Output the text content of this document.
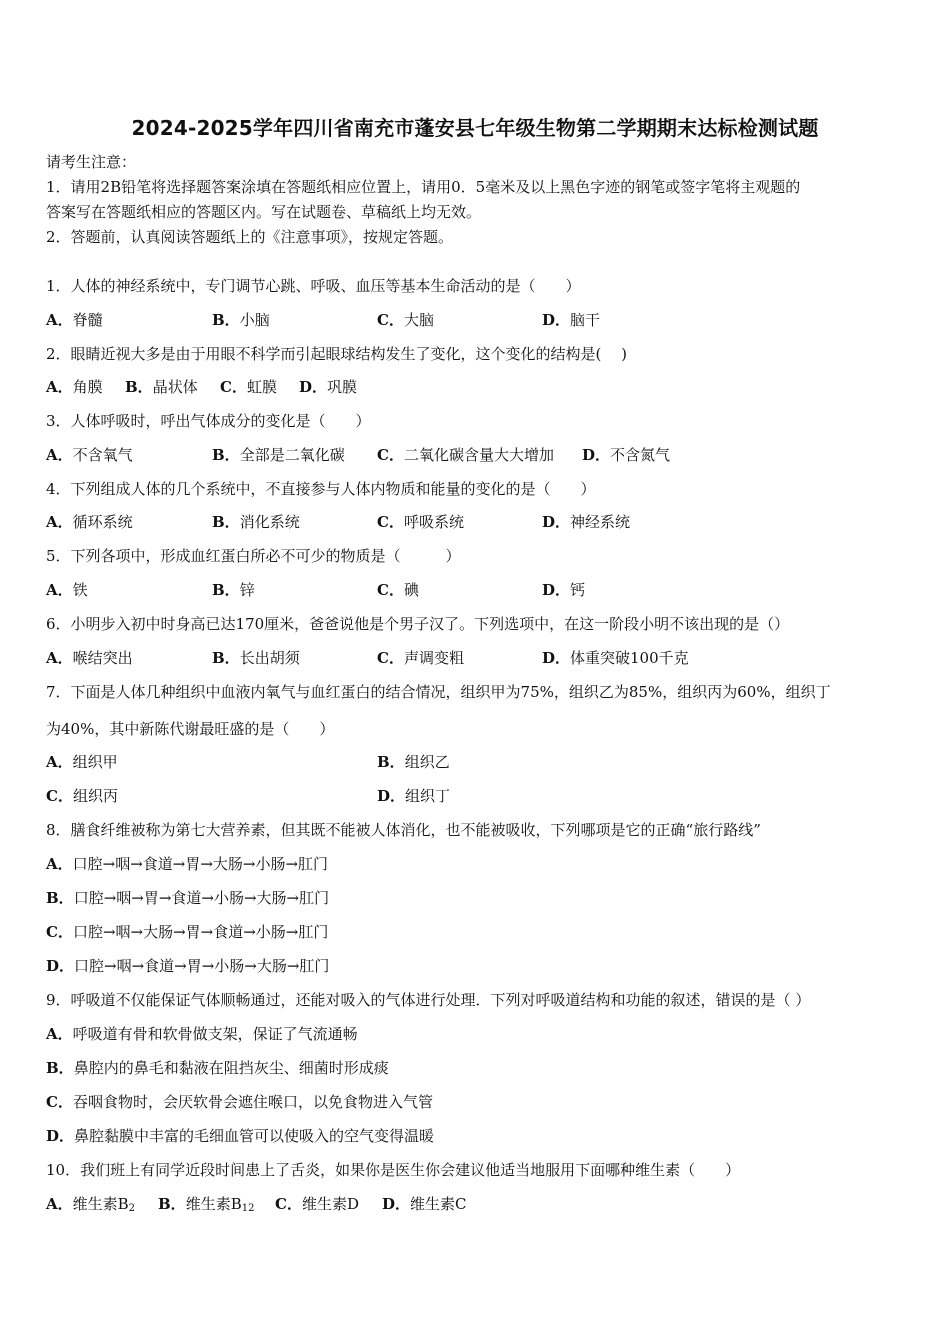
2024-2025学年四川省南充市蓬安县七年级生物第二学期期末达标检测试题
请考生注意：
1．请用2B铅笔将选择题答案涂填在答题纸相应位置上，请用0．5毫米及以上黑色字迹的钢笔或签字笔将主观题的
答案写在答题纸相应的答题区内。写在试题卷、草稿纸上均无效。
2．答题前，认真阅读答题纸上的《注意事项》，按规定答题。
1．人体的神经系统中，专门调节心跳、呼吸、血压等基本生命活动的是（　　）
A．脊髓	B．小脑	C．大脑	D．脑干
2．眼睛近视大多是由于用眼不科学而引起眼球结构发生了变化，这个变化的结构是(　 )
A．角膜 B．晶状体 C．虹膜 D．巩膜
3．人体呼吸时，呼出气体成分的变化是（　　）
A．不含氧气	B．全部是二氧化碳 C．二氧化碳含量大大增加 D．不含氮气
4．下列组成人体的几个系统中，不直接参与人体内物质和能量的变化的是（　　）
A．循环系统	B．消化系统	C．呼吸系统	D．神经系统
5．下列各项中，形成血红蛋白所必不可少的物质是（　　　）
A．铁	B．锌	C．碘	D．钙
6．小明步入初中时身高已达170厘米，爸爸说他是个男子汉了。下列选项中，在这一阶段小明不该出现的是（）
A．喉结突出	B．长出胡须	C．声调变粗	D．体重突破100千克
7．下面是人体几种组织中血液内氧气与血红蛋白的结合情况，组织甲为75%，组织乙为85%，组织丙为60%，组织丁
为40%，其中新陈代谢最旺盛的是（　　）
A．组织甲	B．组织乙
C．组织丙	D．组织丁
8．膳食纤维被称为第七大营养素，但其既不能被人体消化，也不能被吸收，下列哪项是它的正确“旅行路线”
A．口腔→咽→食道→胃→大肠→小肠→肛门
B．口腔→咽→胃→食道→小肠→大肠→肛门
C．口腔→咽→大肠→胃→食道→小肠→肛门
D．口腔→咽→食道→胃→小肠→大肠→肛门
9．呼吸道不仅能保证气体顺畅通过，还能对吸入的气体进行处理．下列对呼吸道结构和功能的叙述，错误的是（ ）
A．呼吸道有骨和软骨做支架，保证了气流通畅
B．鼻腔内的鼻毛和黏液在阻挡灰尘、细菌时形成痰
C．吞咽食物时，会厌软骨会遮住喉口，以免食物进入气管
D．鼻腔黏膜中丰富的毛细血管可以使吸入的空气变得温暖
10．我们班上有同学近段时间患上了舌炎，如果你是医生你会建议他适当地服用下面哪种维生素（　　）
A．维生素$B_2$ B．维生素$B_{12}$ C．维生素D D．维生素C
